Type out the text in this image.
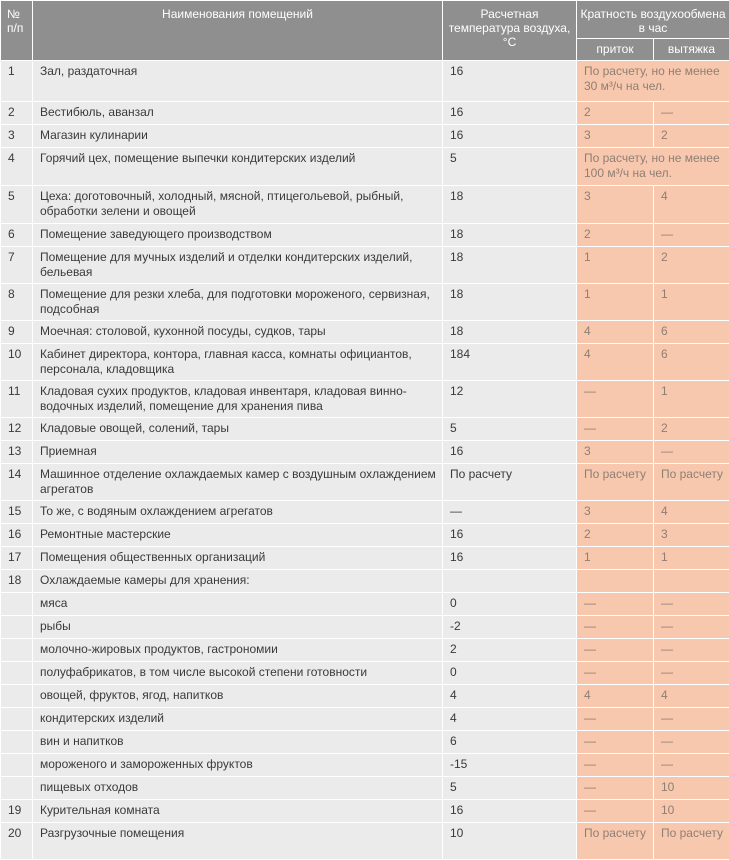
№ п/п	Наименования помещений	Расчетная температура воздуха, °С	Кратность воздухообмена в час	
			приток	вытяжка
1	Зал, раздаточная	16	По расчету, но не менее 30 м³/ч на чел.	
2	Вестибюль, аванзал	16	2	—
3	Магазин кулинарии	16	3	2
4	Горячий цех, помещение выпечки кондитерских изделий	5	По расчету, но не менее 100 м³/ч на чел.	
5	Цеха: доготовочный, холодный, мясной, птицегольевой, рыбный, обработки зелени и овощей	18	3	4
6	Помещение заведующего производством	18	2	—
7	Помещение для мучных изделий и отделки кондитерских изделий, бельевая	18	1	2
8	Помещение для резки хлеба, для подготовки мороженого, сервизная, подсобная	18	1	1
9	Моечная: столовой, кухонной посуды, судков, тары	18	4	6
10	Кабинет директора, контора, главная касса, комнаты официантов, персонала, кладовщика	184	4	6
11	Кладовая сухих продуктов, кладовая инвентаря, кладовая винно-водочных изделий, помещение для хранения пива	12	—	1
12	Кладовые овощей, солений, тары	5	—	2
13	Приемная	16	3	—
14	Машинное отделение охлаждаемых камер с воздушным охлаждением агрегатов	По расчету	По расчету	По расчету
15	То же, с водяным охлаждением агрегатов	—	3	4
16	Ремонтные мастерские	16	2	3
17	Помещения общественных организаций	16	1	1
18	Охлаждаемые камеры для хранения:			
	мяса	0	—	—
	рыбы	-2	—	—
	молочно-жировых продуктов, гастрономии	2	—	—
	полуфабрикатов, в том числе высокой степени готовности	0	—	—
	овощей, фруктов, ягод, напитков	4	4	4
	кондитерских изделий	4	—	—
	вин и напитков	6	—	—
	мороженого и замороженных фруктов	-15	—	—
	пищевых отходов	5	—	10
19	Курительная комната	16	—	10
20	Разгрузочные помещения	10	По расчету	По расчету
